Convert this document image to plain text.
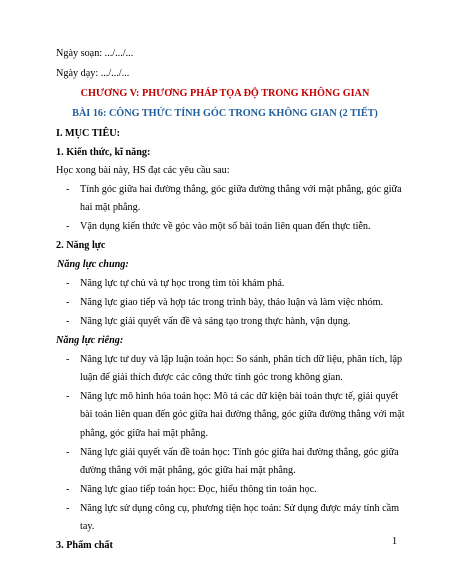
Ngày soạn: .../.../...
Ngày dạy: .../.../...
CHƯƠNG V: PHƯƠNG PHÁP TỌA ĐỘ TRONG KHÔNG GIAN
BÀI 16: CÔNG THỨC TÍNH GÓC TRONG KHÔNG GIAN (2 TIẾT)
I. MỤC TIÊU:
1. Kiến thức, kĩ năng:
Học xong bài này, HS đạt các yêu cầu sau:
- Tính góc giữa hai đường thẳng, góc giữa đường thẳng với mặt phẳng, góc giữa
hai mặt phẳng.
- Vận dụng kiến thức về góc vào một số bài toán liên quan đến thực tiễn.
2. Năng lực
Năng lực chung:
- Năng lực tự chủ và tự học trong tìm tòi khám phá.
- Năng lực giao tiếp và hợp tác trong trình bày, thảo luận và làm việc nhóm.
- Năng lực giải quyết vấn đề và sáng tạo trong thực hành, vận dụng.
Năng lực riêng:
- Năng lực tư duy và lập luận toán học: So sánh, phân tích dữ liệu, phân tích, lập
luận để giải thích được các công thức tính góc trong không gian.
- Năng lực mô hình hóa toán học: Mô tả các dữ kiện bài toán thực tế, giải quyết
bài toán liên quan đến góc giữa hai đường thẳng, góc giữa đường thẳng với mặt
phẳng, góc giữa hai mặt phẳng.
- Năng lực giải quyết vấn đề toán học: Tính góc giữa hai đường thẳng, góc giữa
đường thẳng với mặt phẳng, góc giữa hai mặt phẳng.
- Năng lực giao tiếp toán học: Đọc, hiểu thông tin toán học.
- Năng lực sử dụng công cụ, phương tiện học toán: Sử dụng được máy tính cầm
tay.
3. Phẩm chất	1
